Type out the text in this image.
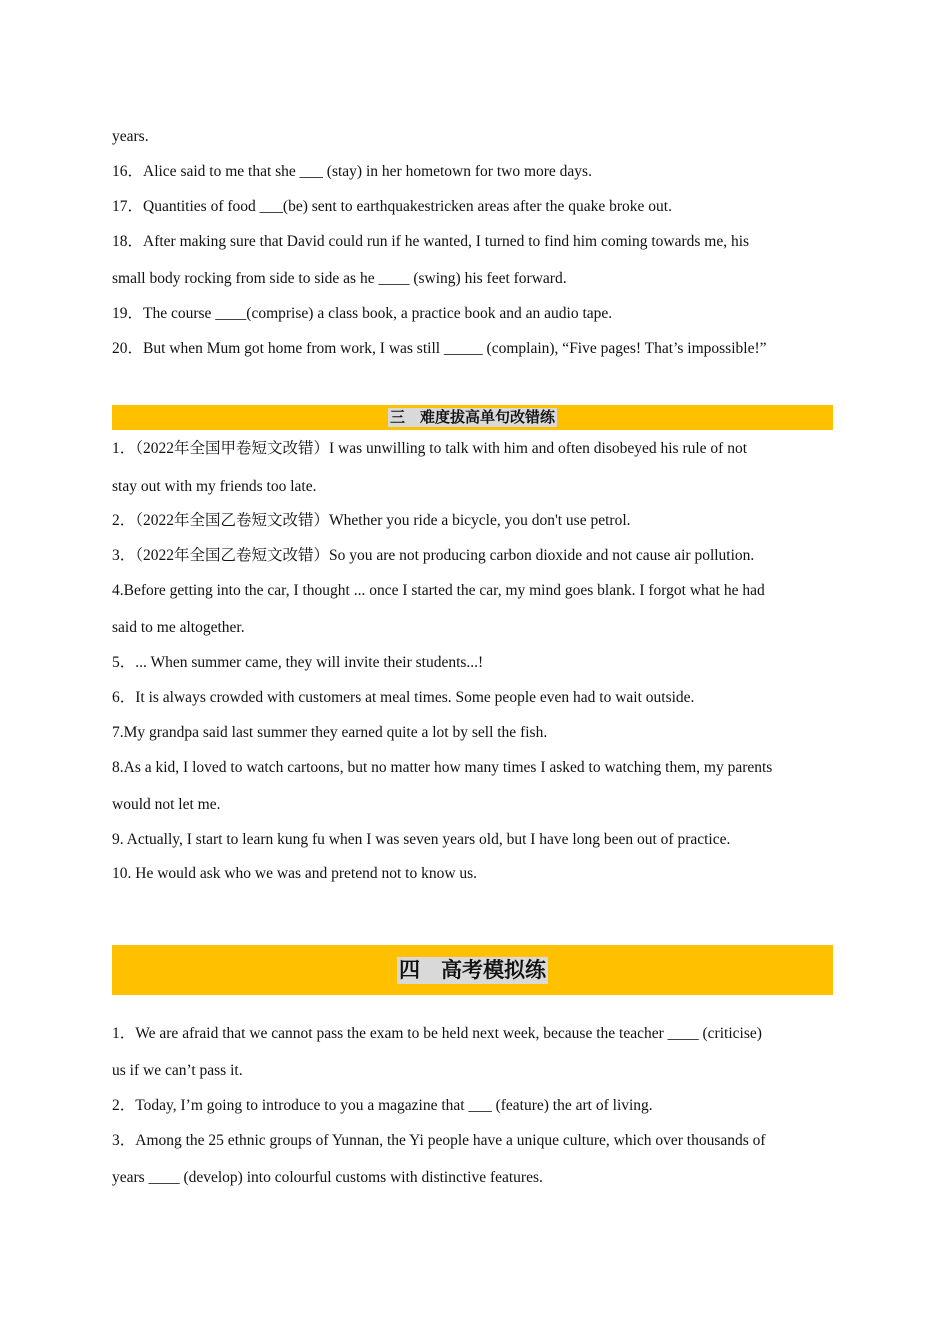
years.
16．Alice said to me that she ___ (stay) in her hometown for two more days.
17．Quantities of food ___(be) sent to earthquakestricken areas after the quake broke out.
18．After making sure that David could run if he wanted, I turned to find him coming towards me, his
small body rocking from side to side as he ____ (swing) his feet forward.
19．The course ____(comprise) a class book, a practice book and an audio tape.
20．But when Mum got home from work, I was still _____ (complain), “Five pages! That’s impossible!”
三　难度拔高单句改错练
1．（2022年全国甲卷短文改错）I was unwilling to talk with him and often disobeyed his rule of not
stay out with my friends too late.
2．（2022年全国乙卷短文改错）Whether you ride a bicycle, you don't use petrol.
3．（2022年全国乙卷短文改错）So you are not producing carbon dioxide and not cause air pollution.
4.Before getting into the car, I thought ... once I started the car, my mind goes blank. I forgot what he had
said to me altogether.
5．... When summer came, they will invite their students...!
6．It is always crowded with customers at meal times. Some people even had to wait outside.
7.My grandpa said last summer they earned quite a lot by sell the fish.
8.As a kid, I loved to watch cartoons, but no matter how many times I asked to watching them, my parents
would not let me.
9. Actually, I start to learn kung fu when I was seven years old, but I have long been out of practice.
10. He would ask who we was and pretend not to know us.
四　高考模拟练
1．We are afraid that we cannot pass the exam to be held next week, because the teacher ____ (criticise)
us if we can’t pass it.
2．Today, I’m going to introduce to you a magazine that ___ (feature) the art of living.
3．Among the 25 ethnic groups of Yunnan, the Yi people have a unique culture, which over thousands of
years ____ (develop) into colourful customs with distinctive features.
